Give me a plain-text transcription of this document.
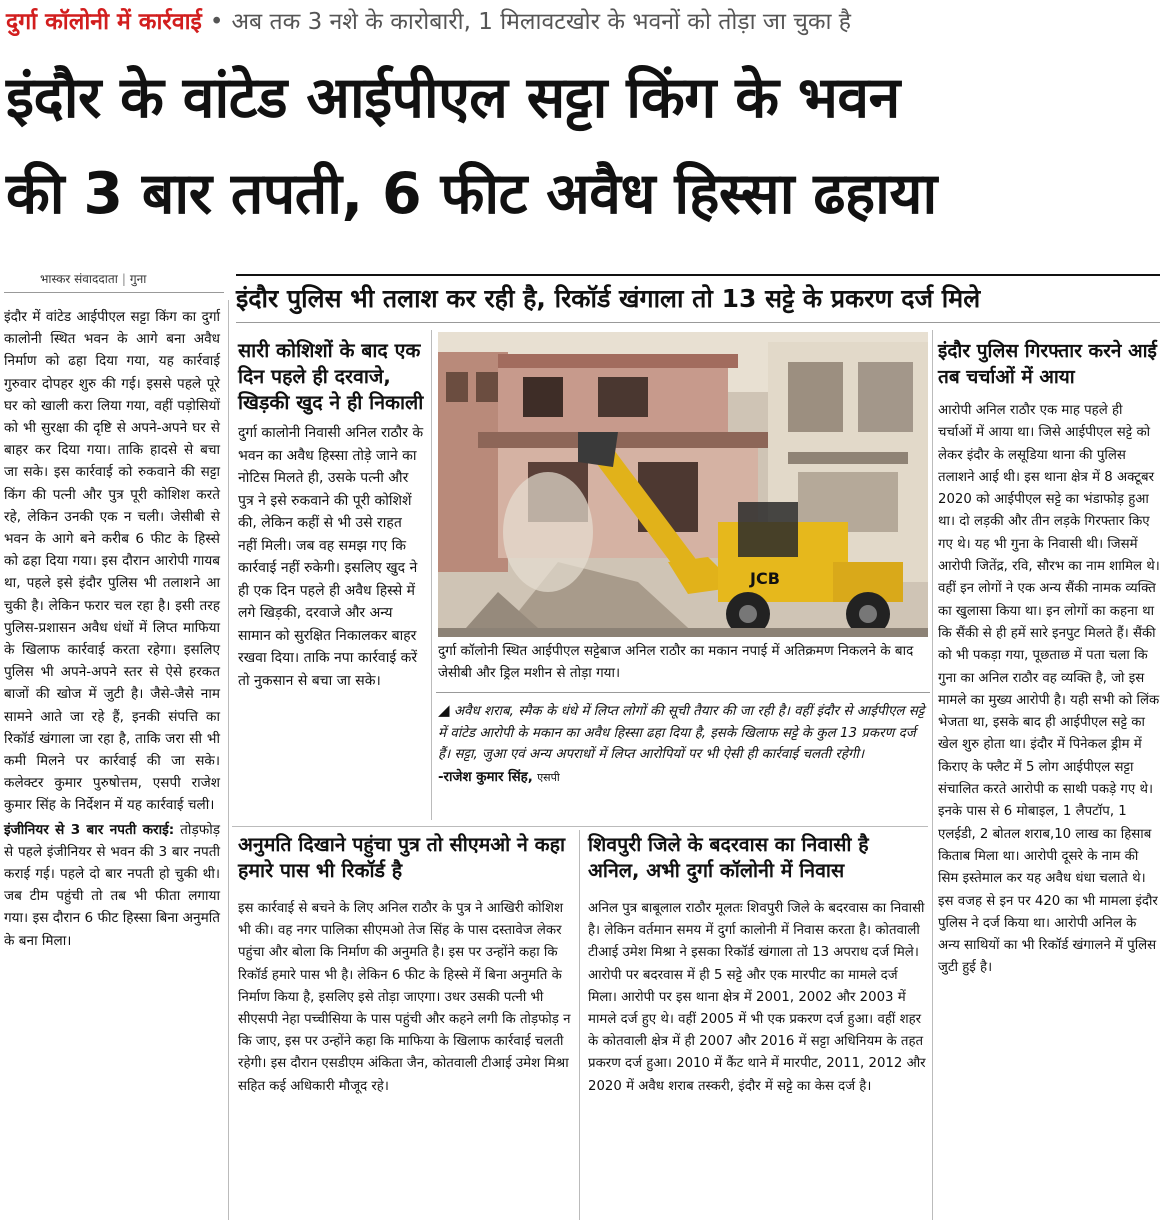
दुर्गा कॉलोनी में कार्रवाई • अब तक 3 नशे के कारोबारी, 1 मिलावटखोर के भवनों को तोड़ा जा चुका है
इंदौर के वांटेड आईपीएल सट्टा किंग के भवन
की 3 बार तपती, 6 फीट अवैध हिस्सा ढहाया
भास्कर संवाददाता | गुना
इंदौर पुलिस भी तलाश कर रही है, रिकॉर्ड खंगाला तो 13 सट्टे के प्रकरण दर्ज मिले
इंदौर में वांटेड आईपीएल सट्टा किंग का दुर्गा कालोनी स्थित भवन के आगे बना अवैध निर्माण को ढहा दिया गया, यह कार्रवाई गुरुवार दोपहर शुरु की गई। इससे पहले पूरे घर को खाली करा लिया गया, वहीं पड़ोसियों को भी सुरक्षा की दृष्टि से अपने-अपने घर से बाहर कर दिया गया। ताकि हादसे से बचा जा सके। इस कार्रवाई को रुकवाने की सट्टा किंग की पत्नी और पुत्र पूरी कोशिश करते रहे, लेकिन उनकी एक न चली। जेसीबी से भवन के आगे बने करीब 6 फीट के हिस्से को ढहा दिया गया। इस दौरान आरोपी गायब था, पहले इसे इंदौर पुलिस भी तलाशने आ चुकी है। लेकिन फरार चल रहा है। इसी तरह पुलिस-प्रशासन अवैध धंधों में लिप्त माफिया के खिलाफ कार्रवाई करता रहेगा। इसलिए पुलिस भी अपने-अपने स्तर से ऐसे हरकत बाजों की खोज में जुटी है। जैसे-जैसे नाम सामने आते जा रहे हैं, इनकी संपत्ति का रिकॉर्ड खंगाला जा रहा है, ताकि जरा सी भी कमी मिलने पर कार्रवाई की जा सके। कलेक्टर कुमार पुरुषोत्तम, एसपी राजेश कुमार सिंह के निर्देशन में यह कार्रवाई चली।
इंजीनियर से 3 बार नपती कराई: तोड़फोड़ से पहले इंजीनियर से भवन की 3 बार नपती कराई गई। पहले दो बार नपती हो चुकी थी। जब टीम पहुंची तो तब भी फीता लगाया गया। इस दौरान 6 फीट हिस्सा बिना अनुमति के बना मिला।
सारी कोशिशों के बाद एक दिन पहले ही दरवाजे, खिड़की खुद ने ही निकाली
दुर्गा कालोनी निवासी अनिल राठौर के भवन का अवैध हिस्सा तोड़े जाने का नोटिस मिलते ही, उसके पत्नी और पुत्र ने इसे रुकवाने की पूरी कोशिशें की, लेकिन कहीं से भी उसे राहत नहीं मिली। जब वह समझ गए कि कार्रवाई नहीं रुकेगी। इसलिए खुद ने ही एक दिन पहले ही अवैध हिस्से में लगे खिड़की, दरवाजे और अन्य सामान को सुरक्षित निकालकर बाहर रखवा दिया। ताकि नपा कार्रवाई करें तो नुकसान से बचा जा सके।
JCB
दुर्गा कॉलोनी स्थित आईपीएल सट्टेबाज अनिल राठौर का मकान नपाई में अतिक्रमण निकलने के बाद जेसीबी और ड्रिल मशीन से तोड़ा गया।
◢ अवैध शराब, स्मैक के धंधे में लिप्त लोगों की सूची तैयार की जा रही है। वहीं इंदौर से आईपीएल सट्टे में वांटेड आरोपी के मकान का अवैध हिस्सा ढहा दिया है, इसके खिलाफ सट्टे के कुल 13 प्रकरण दर्ज हैं। सट्टा, जुआ एवं अन्य अपराधों में लिप्त आरोपियों पर भी ऐसी ही कार्रवाई चलती रहेगी।
-राजेश कुमार सिंह, एसपी
इंदौर पुलिस गिरफ्तार करने आई तब चर्चाओं में आया
आरोपी अनिल राठौर एक माह पहले ही चर्चाओं में आया था। जिसे आईपीएल सट्टे को लेकर इंदौर के लसूडिया थाना की पुलिस तलाशने आई थी। इस थाना क्षेत्र में 8 अक्टूबर 2020 को आईपीएल सट्टे का भंडाफोड़ हुआ था। दो लड़की और तीन लड़के गिरफ्तार किए गए थे। यह भी गुना के निवासी थी। जिसमें आरोपी जितेंद्र, रवि, सौरभ का नाम शामिल थे। वहीं इन लोगों ने एक अन्य सैंकी नामक व्यक्ति का खुलासा किया था। इन लोगों का कहना था कि सैंकी से ही हमें सारे इनपुट मिलते हैं। सैंकी को भी पकड़ा गया, पूछताछ में पता चला कि गुना का अनिल राठौर वह व्यक्ति है, जो इस मामले का मुख्य आरोपी है। यही सभी को लिंक भेजता था, इसके बाद ही आईपीएल सट्टे का खेल शुरु होता था। इंदौर में पिनेकल ड्रीम में किराए के फ्लैट में 5 लोग आईपीएल सट्टा संचालित करते आरोपी क साथी पकड़े गए थे। इनके पास से 6 मोबाइल, 1 लैपटॉप, 1 एलईडी, 2 बोतल शराब,10 लाख का हिसाब किताब मिला था। आरोपी दूसरे के नाम की सिम इस्तेमाल कर यह अवैध धंधा चलाते थे। इस वजह से इन पर 420 का भी मामला इंदौर पुलिस ने दर्ज किया था। आरोपी अनिल के अन्य साथियों का भी रिकॉर्ड खंगालने में पुलिस जुटी हुई है।
अनुमति दिखाने पहुंचा पुत्र तो सीएमओ ने कहा हमारे पास भी रिकॉर्ड है
इस कार्रवाई से बचने के लिए अनिल राठौर के पुत्र ने आखिरी कोशिश भी की। वह नगर पालिका सीएमओ तेज सिंह के पास दस्तावेज लेकर पहुंचा और बोला कि निर्माण की अनुमति है। इस पर उन्होंने कहा कि रिकॉर्ड हमारे पास भी है। लेकिन 6 फीट के हिस्से में बिना अनुमति के निर्माण किया है, इसलिए इसे तोड़ा जाएगा। उधर उसकी पत्नी भी सीएसपी नेहा पच्चीसिया के पास पहुंची और कहने लगी कि तोड़फोड़ न कि जाए, इस पर उन्होंने कहा कि माफिया के खिलाफ कार्रवाई चलती रहेगी। इस दौरान एसडीएम अंकिता जैन, कोतवाली टीआई उमेश मिश्रा सहित कई अधिकारी मौजूद रहे।
शिवपुरी जिले के बदरवास का निवासी है अनिल, अभी दुर्गा कॉलोनी में निवास
अनिल पुत्र बाबूलाल राठौर मूलतः शिवपुरी जिले के बदरवास का निवासी है। लेकिन वर्तमान समय में दुर्गा कालोनी में निवास करता है। कोतवाली टीआई उमेश मिश्रा ने इसका रिकॉर्ड खंगाला तो 13 अपराध दर्ज मिले। आरोपी पर बदरवास में ही 5 सट्टे और एक मारपीट का मामले दर्ज मिला। आरोपी पर इस थाना क्षेत्र में 2001, 2002 और 2003 में मामले दर्ज हुए थे। वहीं 2005 में भी एक प्रकरण दर्ज हुआ। वहीं शहर के कोतवाली क्षेत्र में ही 2007 और 2016 में सट्टा अधिनियम के तहत प्रकरण दर्ज हुआ। 2010 में कैंट थाने में मारपीट, 2011, 2012 और 2020 में अवैध शराब तस्करी, इंदौर में सट्टे का केस दर्ज है।
